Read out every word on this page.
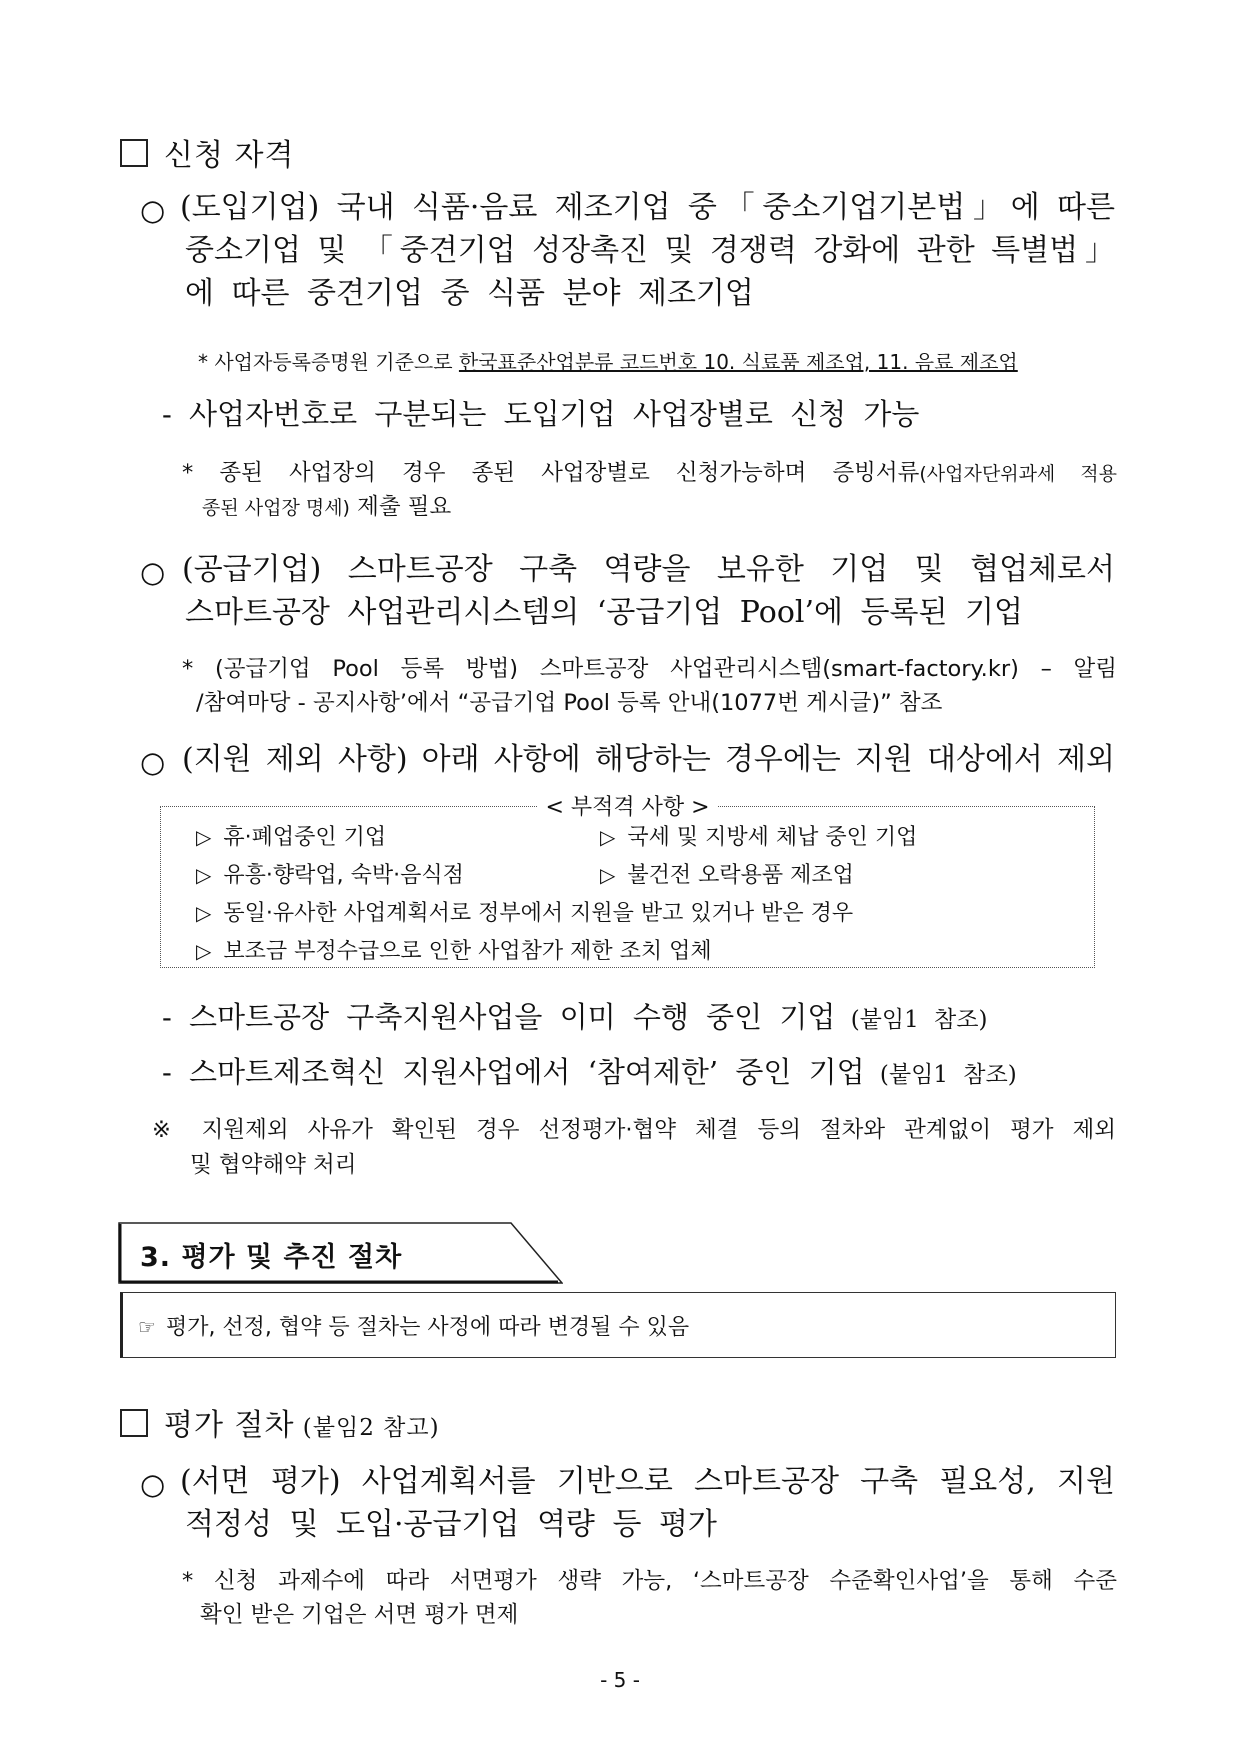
신청 자격
○ (도입기업) 국내 식품·음료 제조기업 중「중소기업기본법」에 따른
중소기업 및 「중견기업 성장촉진 및 경쟁력 강화에 관한 특별법」
에 따른 중견기업 중 식품 분야 제조기업
* 사업자등록증명원 기준으로 한국표준산업분류 코드번호 10. 식료품 제조업, 11. 음료 제조업
- 사업자번호로 구분되는 도입기업 사업장별로 신청 가능
* 종된 사업장의 경우 종된 사업장별로 신청가능하며 증빙서류(사업자단위과세 적용
종된 사업장 명세) 제출 필요
○ (공급기업) 스마트공장 구축 역량을 보유한 기업 및 협업체로서
스마트공장 사업관리시스템의 ‘공급기업 Pool’에 등록된 기업
* (공급기업 Pool 등록 방법) 스마트공장 사업관리시스템(smart-factory.kr) – 알림
/참여마당 - 공지사항’에서 “공급기업 Pool 등록 안내(1077번 게시글)” 참조
○ (지원 제외 사항) 아래 사항에 해당하는 경우에는 지원 대상에서 제외
< 부적격 사항 >
▷ 휴·폐업중인 기업	▷ 국세 및 지방세 체납 중인 기업
▷ 유흥·향락업, 숙박·음식점	▷ 불건전 오락용품 제조업
▷ 동일·유사한 사업계획서로 정부에서 지원을 받고 있거나 받은 경우
▷ 보조금 부정수급으로 인한 사업참가 제한 조치 업체
- 스마트공장 구축지원사업을 이미 수행 중인 기업 (붙임1 참조)
- 스마트제조혁신 지원사업에서 ‘참여제한’ 중인 기업 (붙임1 참조)
※ 지원제외 사유가 확인된 경우 선정평가·협약 체결 등의 절차와 관계없이 평가 제외
및 협약해약 처리
3. 평가 및 추진 절차
☞ 평가, 선정, 협약 등 절차는 사정에 따라 변경될 수 있음
평가 절차 (붙임2 참고)
○ (서면 평가) 사업계획서를 기반으로 스마트공장 구축 필요성, 지원
적정성 및 도입·공급기업 역량 등 평가
* 신청 과제수에 따라 서면평가 생략 가능, ‘스마트공장 수준확인사업’을 통해 수준
확인 받은 기업은 서면 평가 면제
- 5 -
